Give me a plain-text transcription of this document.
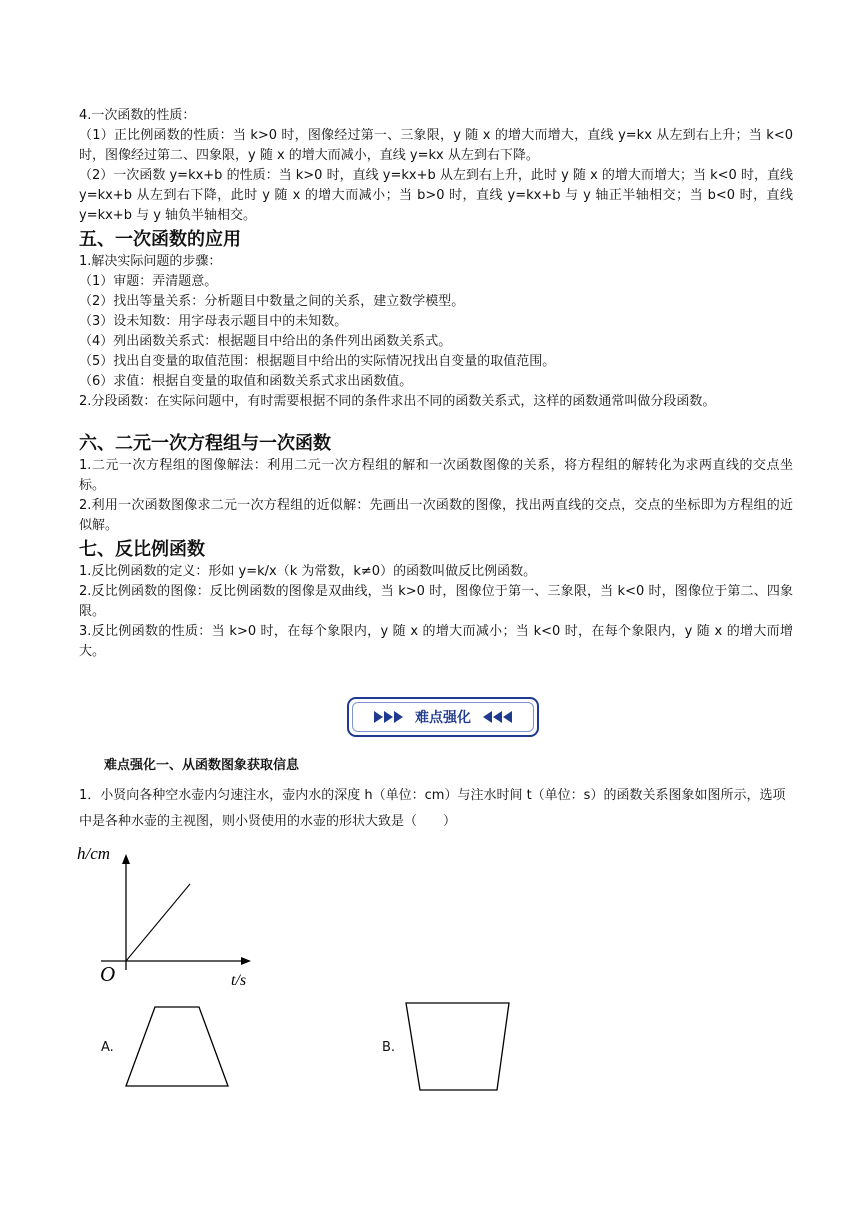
4.一次函数的性质：

（1）正比例函数的性质：当 k>0 时，图像经过第一、三象限，y 随 x 的增大而增大，直线 y=kx 从左到右上升；当 k<0 时，图像经过第二、四象限，y 随 x 的增大而减小，直线 y=kx 从左到右下降。

（2）一次函数 y=kx+b 的性质：当 k>0 时，直线 y=kx+b 从左到右上升，此时 y 随 x 的增大而增大；当 k<0 时，直线 y=kx+b 从左到右下降，此时 y 随 x 的增大而减小；当 b>0 时，直线 y=kx+b 与 y 轴正半轴相交；当 b<0 时，直线 y=kx+b 与 y 轴负半轴相交。

五、一次函数的应用

1.解决实际问题的步骤：

（1）审题：弄清题意。

（2）找出等量关系：分析题目中数量之间的关系，建立数学模型。

（3）设未知数：用字母表示题目中的未知数。

（4）列出函数关系式：根据题目中给出的条件列出函数关系式。

（5）找出自变量的取值范围：根据题目中给出的实际情况找出自变量的取值范围。

（6）求值：根据自变量的取值和函数关系式求出函数值。

2.分段函数：在实际问题中，有时需要根据不同的条件求出不同的函数关系式，这样的函数通常叫做分段函数。

六、二元一次方程组与一次函数

1.二元一次方程组的图像解法：利用二元一次方程组的解和一次函数图像的关系，将方程组的解转化为求两直线的交点坐标。

2.利用一次函数图像求二元一次方程组的近似解：先画出一次函数的图像，找出两直线的交点，交点的坐标即为方程组的近似解。

七、反比例函数

1.反比例函数的定义：形如 y=k/x（k 为常数，k≠0）的函数叫做反比例函数。

2.反比例函数的图像：反比例函数的图像是双曲线，当 k>0 时，图像位于第一、三象限，当 k<0 时，图像位于第二、四象限。

3.反比例函数的性质：当 k>0 时，在每个象限内，y 随 x 的增大而减小；当 k<0 时，在每个象限内，y 随 x 的增大而增大。

难点强化
难点强化一、从函数图象获取信息

1．小贤向各种空水壶内匀速注水，壶内水的深度 h（单位：cm）与注水时间 t（单位：s）的函数关系图象如图所示，选项中是各种水壶的主视图，则小贤使用的水壶的形状大致是（　　）

h/cm
O	t/s
A.	B.
